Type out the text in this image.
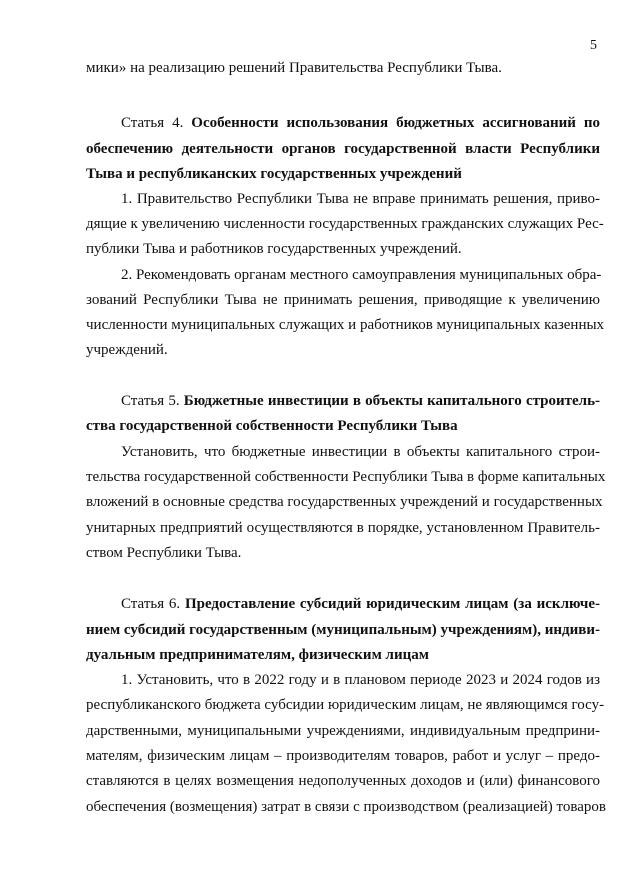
5
мики» на реализацию решений Правительства Республики Тыва.
Статья 4. Особенности использования бюджетных ассигнований по
обеспечению деятельности органов государственной власти Республики
Тыва и республиканских государственных учреждений
1. Правительство Республики Тыва не вправе принимать решения, приво-
дящие к увеличению численности государственных гражданских служащих Рес-
публики Тыва и работников государственных учреждений.
2. Рекомендовать органам местного самоуправления муниципальных обра-
зований Республики Тыва не принимать решения, приводящие к увеличению
численности муниципальных служащих и работников муниципальных казенных
учреждений.
Статья 5. Бюджетные инвестиции в объекты капитального строитель-
ства государственной собственности Республики Тыва
Установить, что бюджетные инвестиции в объекты капитального строи-
тельства государственной собственности Республики Тыва в форме капитальных
вложений в основные средства государственных учреждений и государственных
унитарных предприятий осуществляются в порядке, установленном Правитель-
ством Республики Тыва.
Статья 6. Предоставление субсидий юридическим лицам (за исключе-
нием субсидий государственным (муниципальным) учреждениям), индиви-
дуальным предпринимателям, физическим лицам
1. Установить, что в 2022 году и в плановом периоде 2023 и 2024 годов из
республиканского бюджета субсидии юридическим лицам, не являющимся госу-
дарственными, муниципальными учреждениями, индивидуальным предприни-
мателям, физическим лицам – производителям товаров, работ и услуг – предо-
ставляются в целях возмещения недополученных доходов и (или) финансового
обеспечения (возмещения) затрат в связи с производством (реализацией) товаров
